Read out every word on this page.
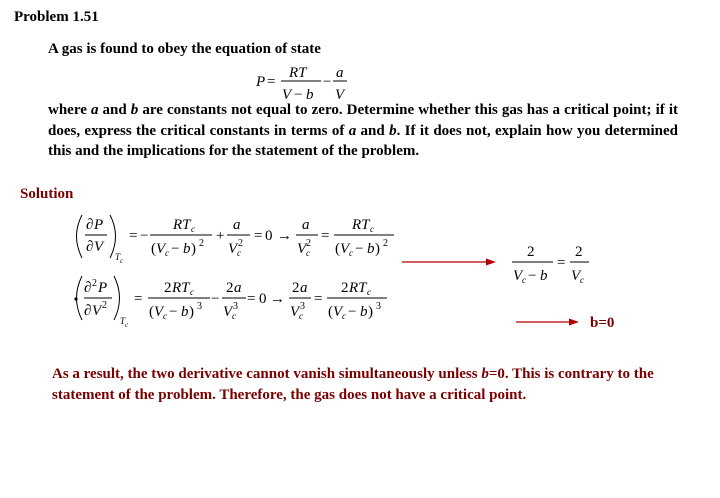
Problem 1.51
A gas is found to obey the equation of state
P =
RT
V − b
−
a
V
∂ P
∂ V
T c
= −
RT c
( V c − b ) 2 +
a
V c
2 = 0 →
a
V c
2 =
RT c
( V c − b ) 2
2
V c − b
=
2
V c
∂ 2 P
∂ V 2
T c
=
2 RT c
( V c − b ) 3 −
2 a
V c
3 = 0 →
2 a
V c
3 =
2 RT c
( V c − b ) 3
b=0
where a and b are constants not equal to zero. Determine whether this gas has a critical point; if it does, express the critical constants in terms of a and b. If it does not, explain how you determined this and the implications for the statement of the problem.
Solution
As a result, the two derivative cannot vanish simultaneously unless b=0. This is contrary to the statement of the problem. Therefore, the gas does not have a critical point.
